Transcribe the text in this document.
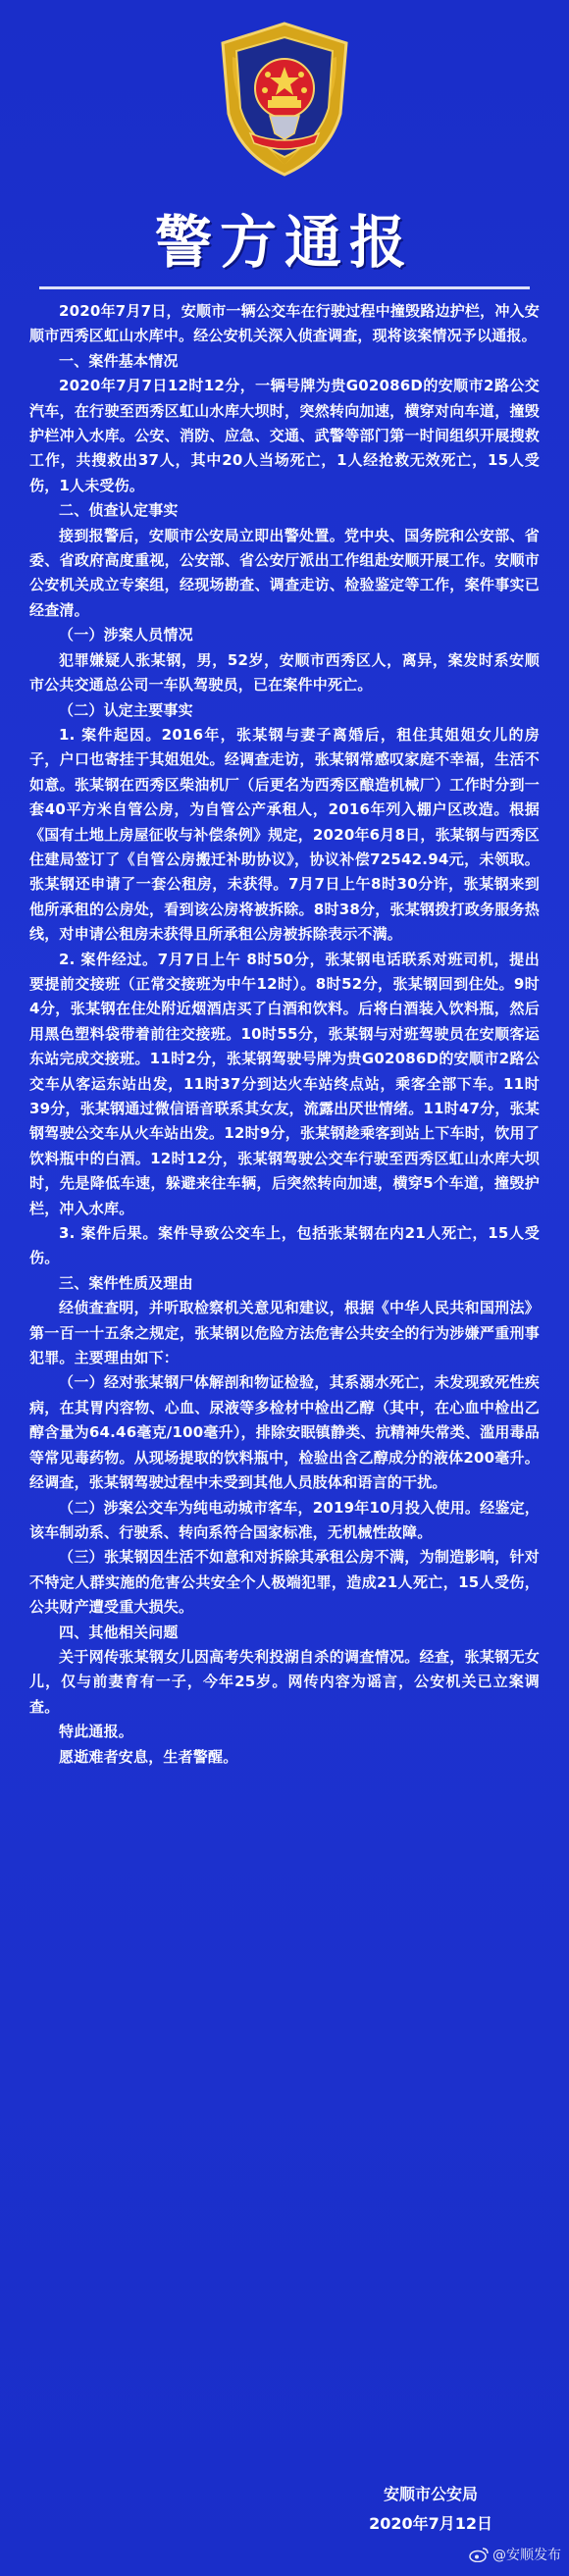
警方通报

2020年7月7日，安顺市一辆公交车在行驶过程中撞毁路边护栏，冲入安顺市西秀区虹山水库中。经公安机关深入侦查调查，现将该案情况予以通报。

一、案件基本情况

2020年7月7日12时12分，一辆号牌为贵G02086D的安顺市2路公交汽车，在行驶至西秀区虹山水库大坝时，突然转向加速，横穿对向车道，撞毁护栏冲入水库。公安、消防、应急、交通、武警等部门第一时间组织开展搜救工作，共搜救出37人，其中20人当场死亡，1人经抢救无效死亡，15人受伤，1人未受伤。

二、侦查认定事实

接到报警后，安顺市公安局立即出警处置。党中央、国务院和公安部、省委、省政府高度重视，公安部、省公安厅派出工作组赴安顺开展工作。安顺市公安机关成立专案组，经现场勘查、调查走访、检验鉴定等工作，案件事实已经查清。

（一）涉案人员情况

犯罪嫌疑人张某钢，男，52岁，安顺市西秀区人，离异，案发时系安顺市公共交通总公司一车队驾驶员，已在案件中死亡。

（二）认定主要事实

1. 案件起因。2016年，张某钢与妻子离婚后，租住其姐姐女儿的房子，户口也寄挂于其姐姐处。经调查走访，张某钢常感叹家庭不幸福，生活不如意。张某钢在西秀区柴油机厂（后更名为西秀区酿造机械厂）工作时分到一套40平方米自管公房，为自管公产承租人，2016年列入棚户区改造。根据《国有土地上房屋征收与补偿条例》规定，2020年6月8日，张某钢与西秀区住建局签订了《自管公房搬迁补助协议》，协议补偿72542.94元，未领取。张某钢还申请了一套公租房，未获得。7月7日上午8时30分许，张某钢来到他所承租的公房处，看到该公房将被拆除。8时38分，张某钢拨打政务服务热线，对申请公租房未获得且所承租公房被拆除表示不满。

2. 案件经过。7月7日上午 8时50分，张某钢电话联系对班司机，提出要提前交接班（正常交接班为中午12时）。8时52分，张某钢回到住处。9时4分，张某钢在住处附近烟酒店买了白酒和饮料。后将白酒装入饮料瓶，然后用黑色塑料袋带着前往交接班。10时55分，张某钢与对班驾驶员在安顺客运东站完成交接班。11时2分，张某钢驾驶号牌为贵G02086D的安顺市2路公交车从客运东站出发，11时37分到达火车站终点站，乘客全部下车。11时39分，张某钢通过微信语音联系其女友，流露出厌世情绪。11时47分，张某钢驾驶公交车从火车站出发。12时9分，张某钢趁乘客到站上下车时，饮用了饮料瓶中的白酒。12时12分，张某钢驾驶公交车行驶至西秀区虹山水库大坝时，先是降低车速，躲避来往车辆，后突然转向加速，横穿5个车道，撞毁护栏，冲入水库。

3. 案件后果。案件导致公交车上，包括张某钢在内21人死亡，15人受伤。

三、案件性质及理由

经侦查查明，并听取检察机关意见和建议，根据《中华人民共和国刑法》第一百一十五条之规定，张某钢以危险方法危害公共安全的行为涉嫌严重刑事犯罪。主要理由如下：

（一）经对张某钢尸体解剖和物证检验，其系溺水死亡，未发现致死性疾病，在其胃内容物、心血、尿液等多检材中检出乙醇（其中，在心血中检出乙醇含量为64.46毫克/100毫升），排除安眠镇静类、抗精神失常类、滥用毒品等常见毒药物。从现场提取的饮料瓶中，检验出含乙醇成分的液体200毫升。经调查，张某钢驾驶过程中未受到其他人员肢体和语言的干扰。

（二）涉案公交车为纯电动城市客车，2019年10月投入使用。经鉴定，该车制动系、行驶系、转向系符合国家标准，无机械性故障。

（三）张某钢因生活不如意和对拆除其承租公房不满，为制造影响，针对不特定人群实施的危害公共安全个人极端犯罪，造成21人死亡，15人受伤，公共财产遭受重大损失。

四、其他相关问题

关于网传张某钢女儿因高考失利投湖自杀的调查情况。经查，张某钢无女儿，仅与前妻育有一子，今年25岁。网传内容为谣言，公安机关已立案调查。

特此通报。

愿逝难者安息，生者警醒。

安顺市公安局
2020年7月12日
@安顺发布
